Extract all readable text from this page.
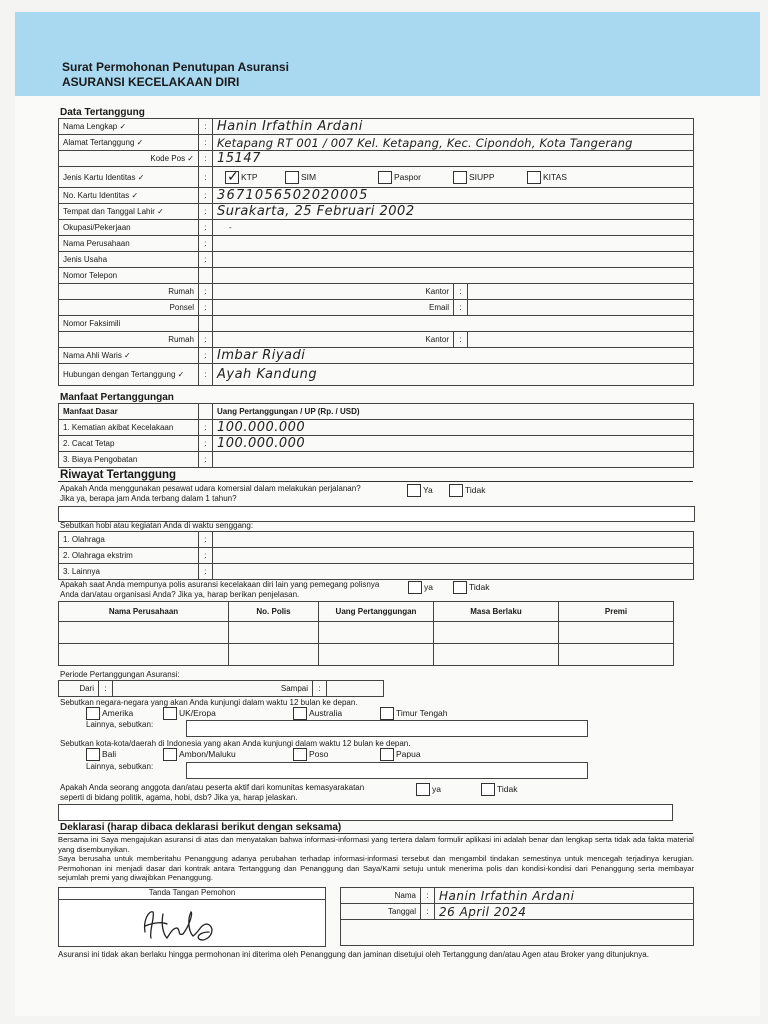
Surat Permohonan Penutupan Asuransi
ASURANSI KECELAKAAN DIRI
Data Tertanggung
Nama Lengkap ✓	:	Hanin Irfathin Ardani		
Alamat Tertanggung ✓	:	Ketapang RT 001 / 007 Kel. Ketapang, Kec. Cipondoh, Kota Tangerang		
Kode Pos ✓	:	15147		
Jenis Kartu Identitas ✓	:	
✓KTP SIM Paspor SIUPP KITAS

No. Kartu Identitas ✓	:	3671056502020005		
Tempat dan Tanggal Lahir ✓	:	Surakarta, 25 Februari 2002		
Okupasi/Pekerjaan	:	-		
Nama Perusahaan	:			
Jenis Usaha	:			
Nomor Telepon				
Rumah	:	Kantor	:	
Ponsel	:	Email	:	
Nomor Faksimili				
Rumah	:	Kantor	:	
Nama Ahli Waris ✓	:	Imbar Riyadi		
Hubungan dengan Tertanggung ✓	:	Ayah Kandung		
Manfaat Pertanggungan
Manfaat Dasar		Uang Pertanggungan / UP (Rp. / USD)
1. Kematian akibat Kecelakaan	:	100.000.000
2. Cacat Tetap	:	100.000.000
3. Biaya Pengobatan	:	
Riwayat Tertanggung
Apakah Anda menggunakan pesawat udara komersial dalam melakukan perjalanan?
Jika ya, berapa jam Anda terbang dalam 1 tahun?
Ya	Tidak
Sebutkan hobi atau kegiatan Anda di waktu senggang:
1. Olahraga	:	
2. Olahraga ekstrim	:	
3. Lainnya	:	
Apakah saat Anda mempunya polis asuransi kecelakaan diri lain yang pemegang polisnya
Anda dan/atau organisasi Anda? Jika ya, harap berikan penjelasan.
ya	Tidak
Nama Perusahaan	No. Polis	Uang Pertanggungan	Masa Berlaku	Premi

Periode Pertanggungan Asuransi:
Dari	:	Sampai	:	
Sebutkan negara-negara yang akan Anda kunjungi dalam waktu 12 bulan ke depan.
Amerika	UK/Eropa	Australia	Timur Tengah
Lainnya, sebutkan:
Sebutkan kota-kota/daerah di Indonesia yang akan Anda kunjungi dalam waktu 12 bulan ke depan.
Bali	Ambon/Maluku	Poso	Papua
Lainnya, sebutkan:
Apakah Anda seorang anggota dan/atau peserta aktif dari komunitas kemasyarakatan
seperti di bidang politik, agama, hobi, dsb? Jika ya, harap jelaskan.
ya	Tidak
Deklarasi (harap dibaca deklarasi berikut dengan seksama)
Bersama ini Saya mengajukan asuransi di atas dan menyatakan bahwa informasi-informasi yang tertera dalam formulir aplikasi ini adalah benar dan lengkap serta tidak ada fakta material yang disembunyikan.
Saya berusaha untuk memberitahu Penanggung adanya perubahan terhadap informasi-informasi tersebut dan mengambil tindakan semestinya untuk mencegah terjadinya kerugian. Permohonan ini menjadi dasar dari kontrak antara Tertanggung dan Penanggung dan Saya/Kami setuju untuk menerima polis dan kondisi-kondisi dari Penanggung serta membayar sejumlah premi yang diwajibkan Penanggung.
Tanda Tangan Pemohon	Nama	:	Hanin Irfathin Ardani
Tanggal	:	26 April 2024

Asuransi ini tidak akan berlaku hingga permohonan ini diterima oleh Penanggung dan jaminan disetujui oleh Tertanggung dan/atau Agen atau Broker yang ditunjuknya.
